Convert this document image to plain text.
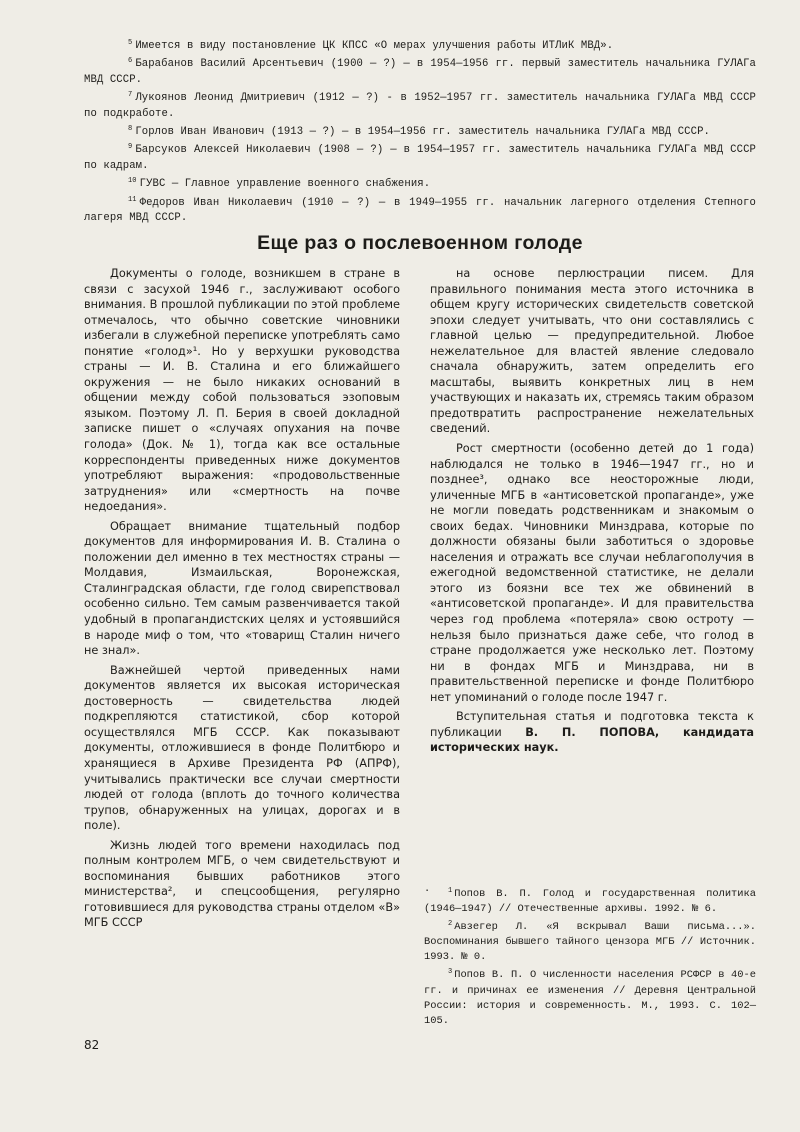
$^5$ Имеется в виду постановление ЦК КПСС «О мерах улучшения работы ИТЛиК МВД».
$^6$ Барабанов Василий Арсентьевич (1900 — ?) — в 1954—1956 гг. первый заместитель начальника ГУЛАГа МВД СССР.
$^7$ Лукоянов Леонид Дмитриевич (1912 — ?) - в 1952—1957 гг. заместитель начальника ГУЛАГа МВД СССР по подкработе.
$^8$ Горлов Иван Иванович (1913 — ?) — в 1954—1956 гг. заместитель начальника ГУЛАГа МВД СССР.
$^9$ Барсуков Алексей Николаевич (1908 — ?) — в 1954—1957 гг. заместитель начальника ГУЛАГа МВД СССР по кадрам.
$^{10}$ ГУВС — Главное управление военного снабжения.
$^{11}$ Федоров Иван Николаевич (1910 — ?) — в 1949—1955 гг. начальник лагерного отделения Степного лагеря МВД СССР.
Еще раз о послевоенном голоде

Документы о голоде, возникшем в стране в связи с засухой 1946 г., заслуживают особого внимания. В прошлой публикации по этой проблеме отмечалось, что обычно советские чиновники избегали в служебной переписке употреблять само понятие «голод»¹. Но у верхушки руководства страны — И. В. Сталина и его ближайшего окружения — не было никаких оснований в общении между собой пользоваться эзоповым языком. Поэтому Л. П. Берия в своей докладной записке пишет о «случаях опухания на почве голода» (Док. № 1), тогда как все остальные корреспонденты приведенных ниже документов употребляют выражения: «продовольственные затруднения» или «смертность на почве недоедания».

Обращает внимание тщательный подбор документов для информирования И. В. Сталина о положении дел именно в тех местностях страны — Молдавия, Измаильская, Воронежская, Сталинградская области, где голод свирепствовал особенно сильно. Тем самым развенчивается такой удобный в пропагандистских целях и устоявшийся в народе миф о том, что «товарищ Сталин ничего не знал».

Важнейшей чертой приведенных нами документов является их высокая историческая достоверность — свидетельства людей подкрепляются статистикой, сбор которой осуществлялся МГБ СССР. Как показывают документы, отложившиеся в фонде Политбюро и хранящиеся в Архиве Президента РФ (АПРФ), учитывались практически все случаи смертности людей от голода (вплоть до точного количества трупов, обнаруженных на улицах, дорогах и в поле).

Жизнь людей того времени находилась под полным контролем МГБ, о чем свидетельствуют и воспоминания бывших работников этого министерства², и спецсообщения, регулярно готовившиеся для руководства страны отделом «В» МГБ СССР

на основе перлюстрации писем. Для правильного понимания места этого источника в общем кругу исторических свидетельств советской эпохи следует учитывать, что они составлялись с главной целью — предупредительной. Любое нежелательное для властей явление следовало сначала обнаружить, затем определить его масштабы, выявить конкретных лиц в нем участвующих и наказать их, стремясь таким образом предотвратить распространение нежелательных сведений.

Рост смертности (особенно детей до 1 года) наблюдался не только в 1946—1947 гг., но и позднее³, однако все неосторожные люди, уличенные МГБ в «антисоветской пропаганде», уже не могли поведать родственникам и знакомым о своих бедах. Чиновники Минздрава, которые по должности обязаны были заботиться о здоровье населения и отражать все случаи неблагополучия в ежегодной ведомственной статистике, не делали этого из боязни все тех же обвинений в «антисоветской пропаганде». И для правительства через год проблема «потеряла» свою остроту — нельзя было признаться даже себе, что голод в стране продолжается уже несколько лет. Поэтому ни в фондах МГБ и Минздрава, ни в правительственной переписке и фонде Политбюро нет упоминаний о голоде после 1947 г.

Вступительная статья и подготовка текста к публикации В. П. ПОПОВА, кандидата исторических наук.

.	$^1$ Попов В. П. Голод и государственная политика (1946—1947) // Отечественные архивы. 1992. № 6.
$^2$ Авзегер Л. «Я вскрывал Ваши письма...». Воспоминания бывшего тайного цензора МГБ // Источник. 1993. № 0.
$^3$ Попов В. П. О численности населения РСФСР в 40-е гг. и причинах ее изменения // Деревня Центральной России: история и современность. М., 1993. С. 102—105.
82
